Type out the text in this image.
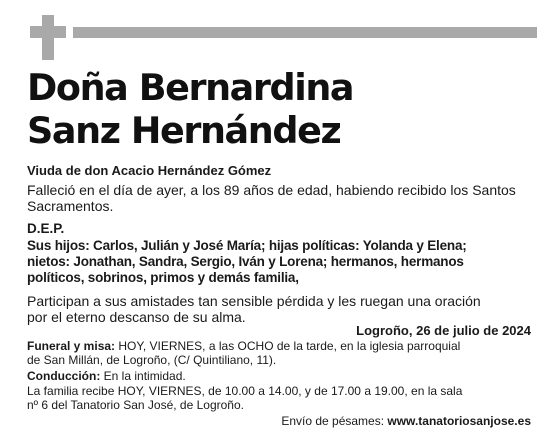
Doña Bernardina
Sanz Hernández
Viuda de don Acacio Hernández Gómez
Falleció en el día de ayer, a los 89 años de edad, habiendo recibido los Santos
Sacramentos.
D.E.P.
Sus hijos: Carlos, Julián y José María; hijas políticas: Yolanda y Elena;
nietos: Jonathan, Sandra, Sergio, Iván y Lorena; hermanos, hermanos
políticos, sobrinos, primos y demás familia,
Participan a sus amistades tan sensible pérdida y les ruegan una oración
por el eterno descanso de su alma.
Logroño, 26 de julio de 2024
Funeral y misa: HOY, VIERNES, a las OCHO de la tarde, en la iglesia parroquial
de San Millán, de Logroño, (C/ Quintiliano, 11).
Conducción: En la intimidad.
La familia recibe HOY, VIERNES, de 10.00 a 14.00, y de 17.00 a 19.00, en la sala
nº 6 del Tanatorio San José, de Logroño.
Envío de pésames: www.tanatoriosanjose.es
